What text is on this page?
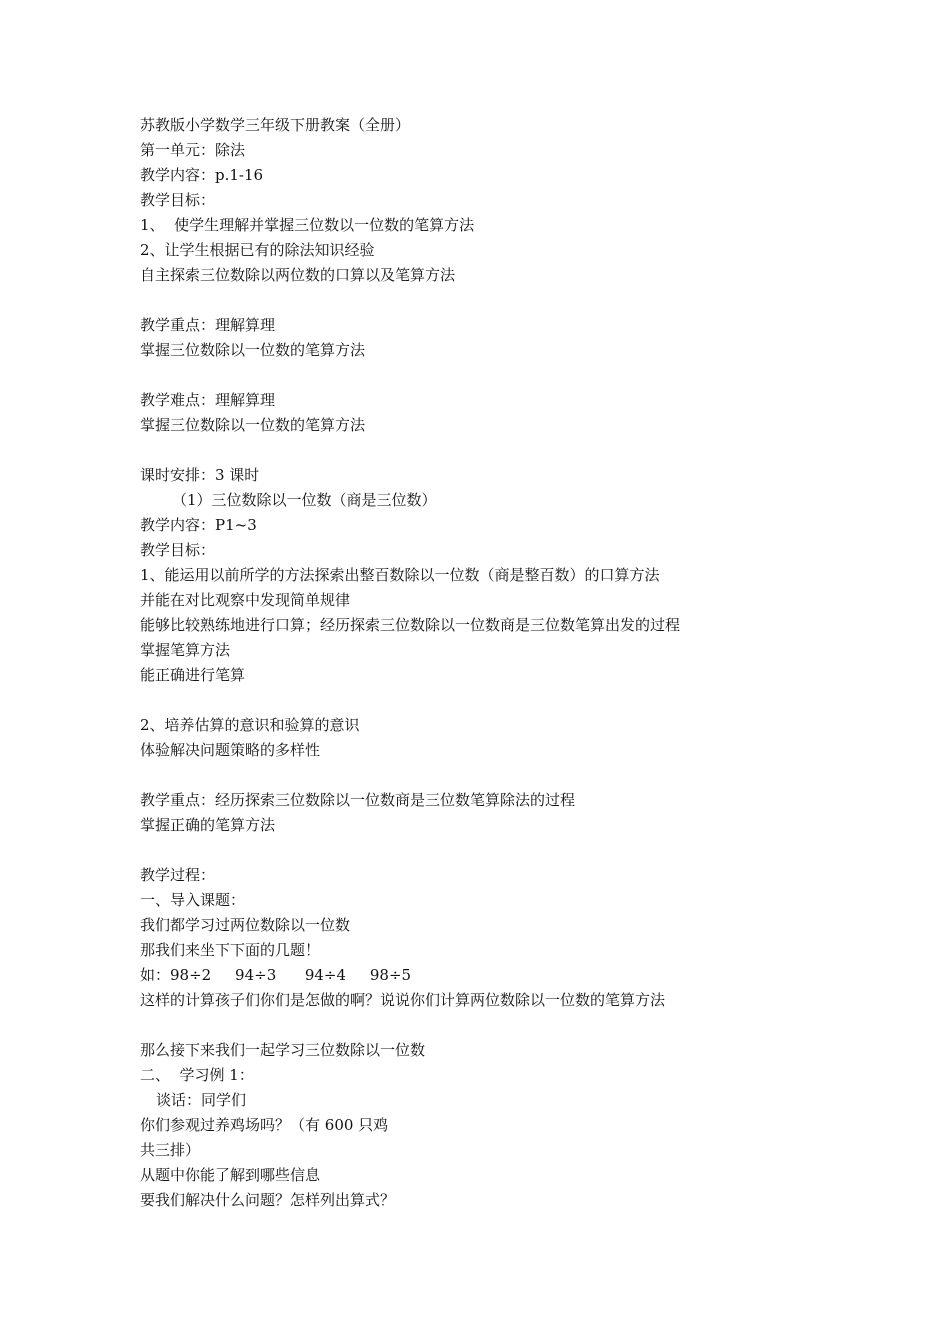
苏教版小学数学三年级下册教案（全册）
第一单元：除法
教学内容：p.1-16
教学目标：
1、  使学生理解并掌握三位数以一位数的笔算方法
2、让学生根据已有的除法知识经验
自主探索三位数除以两位数的口算以及笔算方法
教学重点：理解算理
掌握三位数除以一位数的笔算方法
教学难点：理解算理
掌握三位数除以一位数的笔算方法
课时安排：3 课时
（1）三位数除以一位数（商是三位数）
教学内容：P1~3
教学目标：
1、能运用以前所学的方法探索出整百数除以一位数（商是整百数）的口算方法
并能在对比观察中发现简单规律
能够比较熟练地进行口算；经历探索三位数除以一位数商是三位数笔算出发的过程
掌握笔算方法
能正确进行笔算
2、培养估算的意识和验算的意识
体验解决问题策略的多样性
教学重点：经历探索三位数除以一位数商是三位数笔算除法的过程
掌握正确的笔算方法
教学过程：
一、导入课题：
我们都学习过两位数除以一位数
那我们来坐下下面的几题！
如：98÷2     94÷3      94÷4     98÷5
这样的计算孩子们你们是怎做的啊？说说你们计算两位数除以一位数的笔算方法
那么接下来我们一起学习三位数除以一位数
二、  学习例 1：
谈话：同学们
你们参观过养鸡场吗？（有 600 只鸡
共三排）
从题中你能了解到哪些信息
要我们解决什么问题？怎样列出算式？
